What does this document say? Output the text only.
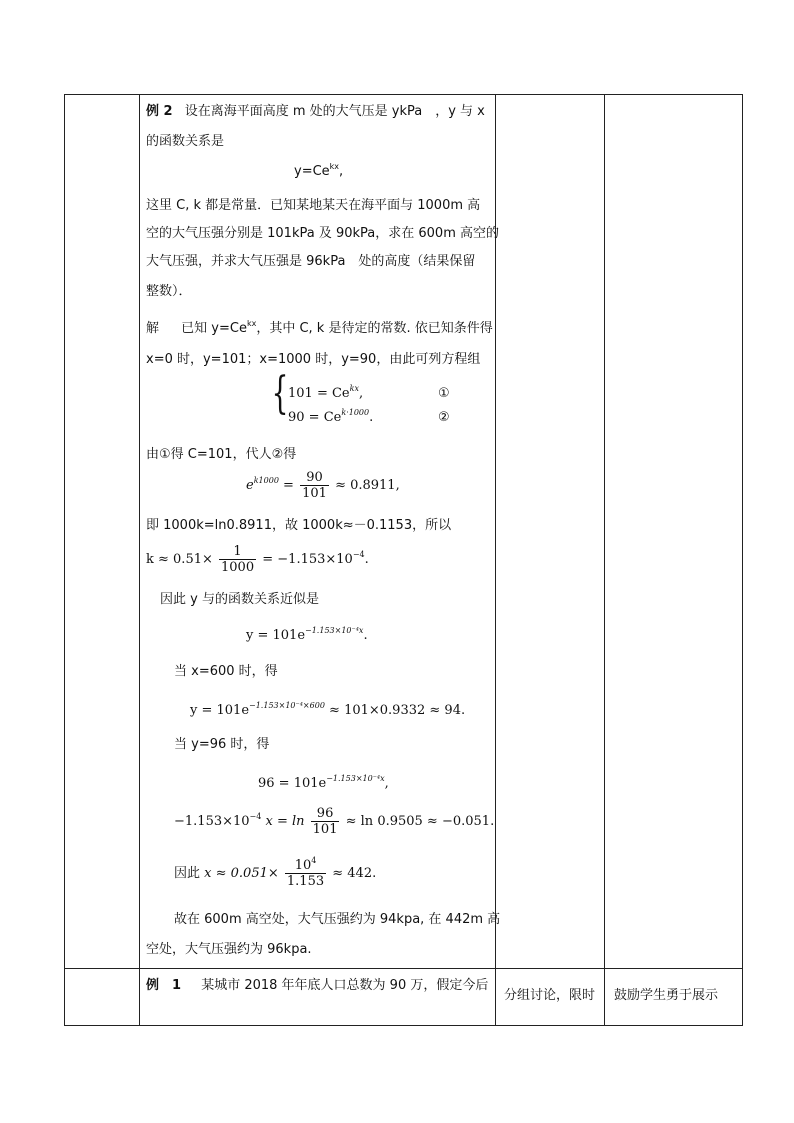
例 2 设在离海平面高度 m 处的大气压是 ykPa　，y 与 x
的函数关系是
$y=Ce^{kx}$,
这里 C, k 都是常量．已知某地某天在海平面与 1000m 高
空的大气压强分别是 101kPa 及 90kPa，求在 600m 高空的
大气压强，并求大气压强是 96kPa　处的高度（结果保留
整数）．
解 已知 $y=Ce^{kx}$，其中 C, k 是待定的常数. 依已知条件得
x=0 时，y=101；x=1000 时，y=90，由此可列方程组
{ $101 = Ce^{kx}$,	①
$90 = Ce^{k\cdot 1000}$.	②
由①得 C=101，代人②得
$e^{k1000} = \frac{90}{101} \approx 0.8911$,
即 1000k=ln0.8911，故 1000k≈－0.1153，所以
$k \approx 0.51\times \frac{1}{1000} = -1.153\times 10^{-4}$.
因此 y 与的函数关系近似是
$y = 101e^{-1.153\times 10^{-4}x}$.
当 x=600 时，得
$y = 101e^{-1.153\times 10^{-4}\times 600} \approx 101\times 0.9332 \approx 94$.
当 y=96 时，得
$96 = 101e^{-1.153\times 10^{-4}x}$,
$-1.153\times 10^{-4}$ $x = \ln \frac{96}{101} \approx \ln 0.9505 \approx -0.051$.
因此 $x \approx 0.051\times \frac{10^4}{1.153} \approx 442$.
故在 600m 高空处，大气压强约为 94kpa, 在 442m 高
空处，大气压强约为 96kpa.
例　1 某城市 2018 年年底人口总数为 90 万，假定今后
分组讨论，限时 鼓励学生勇于展示
